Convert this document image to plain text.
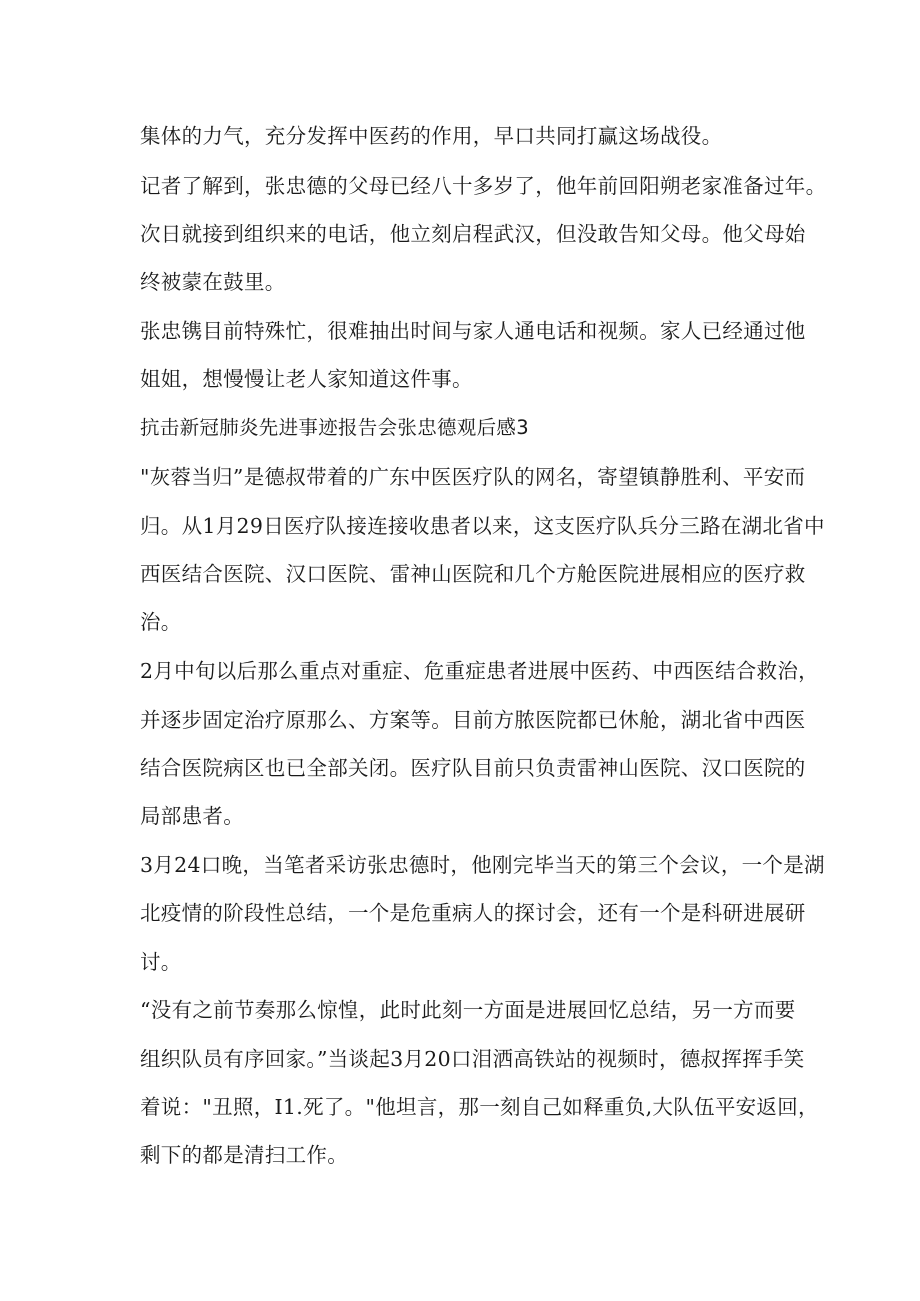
集体的力气，充分发挥中医药的作用，早口共同打赢这场战役。
记者了解到，张忠德的父母已经八十多岁了，他年前回阳朔老家准备过年。
次日就接到组织来的电话，他立刻启程武汉，但没敢告知父母。他父母始
终被蒙在鼓里。
张忠镌目前特殊忙，很难抽出时间与家人通电话和视频。家人已经通过他
姐姐，想慢慢让老人家知道这件事。
抗击新冠肺炎先进事迹报告会张忠德观后感3
"灰蓉当归”是德叔带着的广东中医医疗队的网名，寄望镇静胜利、平安而
归。从1月29日医疗队接连接收患者以来，这支医疗队兵分三路在湖北省中
西医结合医院、汉口医院、雷神山医院和几个方舱医院进展相应的医疗救
治。
2月中旬以后那么重点对重症、危重症患者进展中医药、中西医结合救治，
并逐步固定治疗原那么、方案等。目前方脓医院都已休舱，湖北省中西医
结合医院病区也已全部关闭。医疗队目前只负责雷神山医院、汉口医院的
局部患者。
3月24口晚，当笔者采访张忠德时，他刚完毕当天的第三个会议，一个是湖
北疫情的阶段性总结，一个是危重病人的探讨会，还有一个是科研进展研
讨。
“没有之前节奏那么惊惶，此时此刻一方面是进展回忆总结，另一方而要
组织队员有序回家。”当谈起3月20口泪洒高铁站的视频时，德叔挥挥手笑
着说："丑照，I1.死了。"他坦言，那一刻自己如释重负,大队伍平安返回，
剩下的都是清扫工作。
